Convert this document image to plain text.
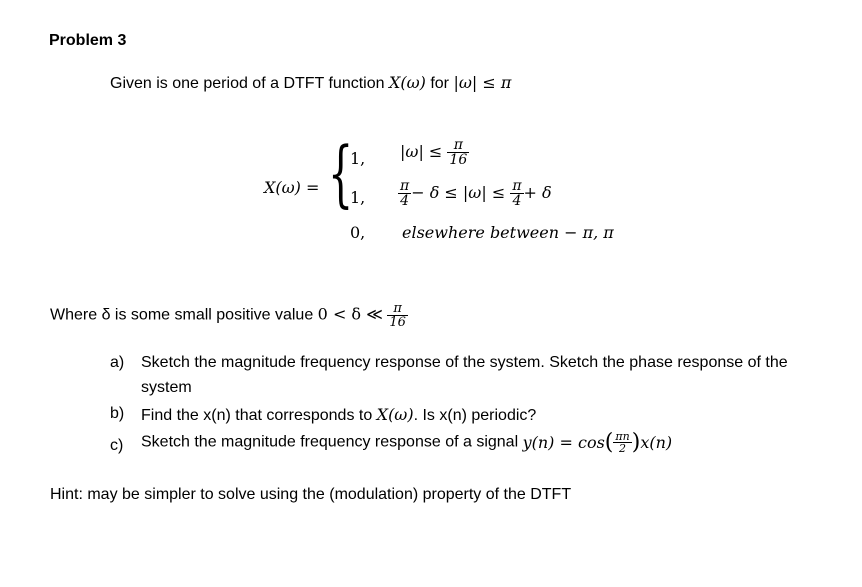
Problem 3
Given is one period of a DTFT function X(ω) for |ω| ≤ π
X(ω) = {
1, $|\omega| \le \frac{\pi}{16}$
1, $\frac{\pi}{4} - \delta \le |\omega| \le \frac{\pi}{4} + \delta$
0, elsewhere between − π, π
Where δ is some small positive value 0 < δ ≪ $\frac{\pi}{16}$
a) Sketch the magnitude frequency response of the system. Sketch the phase response of the
system
b) Find the x(n) that corresponds to X(ω). Is x(n) periodic?
c) Sketch the magnitude frequency response of a signal $y(n) = \cos( \frac{\pi n}{2} )x(n)$
Hint: may be simpler to solve using the (modulation) property of the DTFT
